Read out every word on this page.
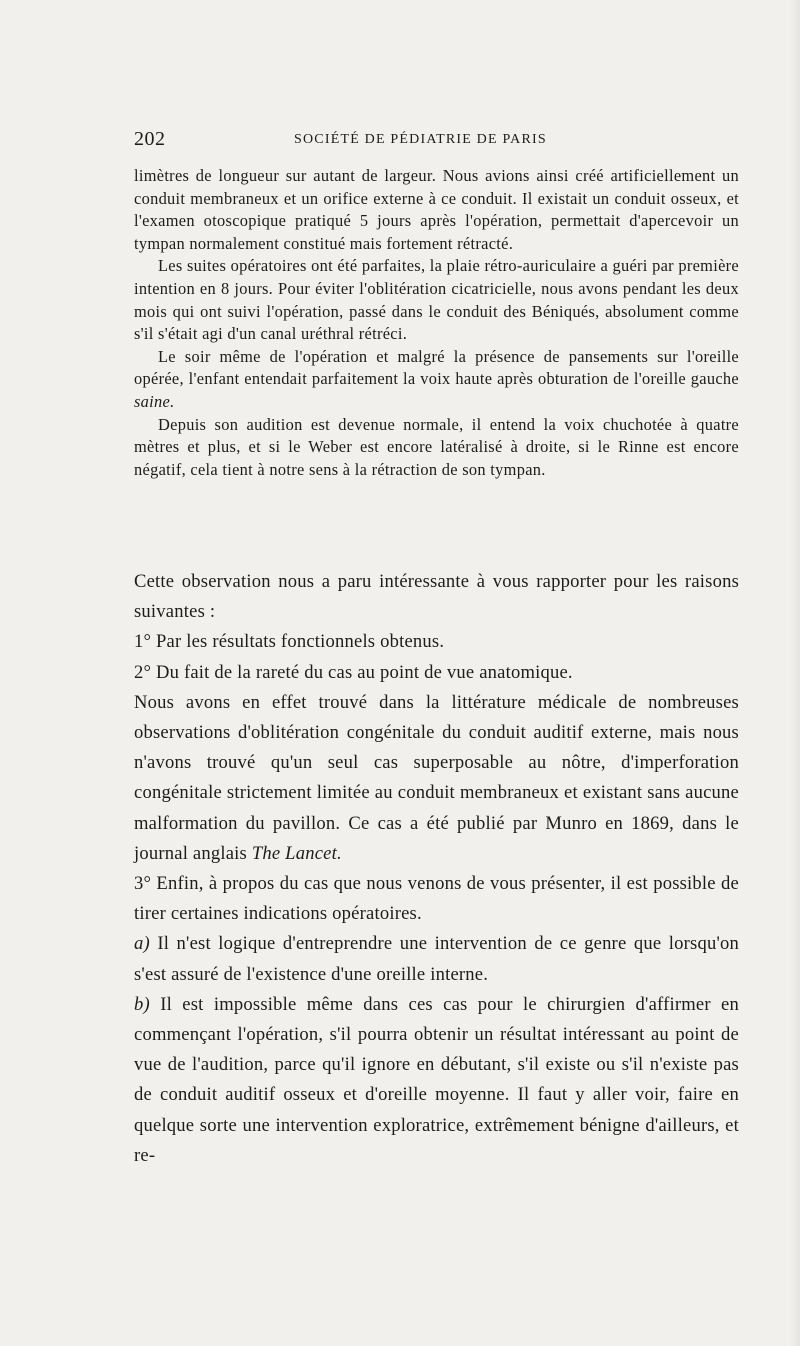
202	SOCIÉTÉ DE PÉDIATRIE DE PARIS

limètres de longueur sur autant de largeur. Nous avions ainsi créé artificiellement un conduit membraneux et un orifice externe à ce conduit. Il existait un conduit osseux, et l'examen otoscopique pratiqué 5 jours après l'opération, permettait d'apercevoir un tympan normalement constitué mais fortement rétracté.

Les suites opératoires ont été parfaites, la plaie rétro-auriculaire a guéri par première intention en 8 jours. Pour éviter l'oblitération cicatricielle, nous avons pendant les deux mois qui ont suivi l'opération, passé dans le conduit des Béniqués, absolument comme s'il s'était agi d'un canal uréthral rétréci.

Le soir même de l'opération et malgré la présence de pansements sur l'oreille opérée, l'enfant entendait parfaitement la voix haute après obturation de l'oreille gauche saine.

Depuis son audition est devenue normale, il entend la voix chuchotée à quatre mètres et plus, et si le Weber est encore latéralisé à droite, si le Rinne est encore négatif, cela tient à notre sens à la rétraction de son tympan.

Cette observation nous a paru intéressante à vous rapporter pour les raisons suivantes :

1° Par les résultats fonctionnels obtenus.

2° Du fait de la rareté du cas au point de vue anatomique.

Nous avons en effet trouvé dans la littérature médicale de nombreuses observations d'oblitération congénitale du conduit auditif externe, mais nous n'avons trouvé qu'un seul cas superposable au nôtre, d'imperforation congénitale strictement limitée au conduit membraneux et existant sans aucune malformation du pavillon. Ce cas a été publié par Munro en 1869, dans le journal anglais The Lancet.

3° Enfin, à propos du cas que nous venons de vous présenter, il est possible de tirer certaines indications opératoires.

a) Il n'est logique d'entreprendre une intervention de ce genre que lorsqu'on s'est assuré de l'existence d'une oreille interne.

b) Il est impossible même dans ces cas pour le chirurgien d'affirmer en commençant l'opération, s'il pourra obtenir un résultat intéressant au point de vue de l'audition, parce qu'il ignore en débutant, s'il existe ou s'il n'existe pas de conduit auditif osseux et d'oreille moyenne. Il faut y aller voir, faire en quelque sorte une intervention exploratrice, extrêmement bénigne d'ailleurs, et re-
